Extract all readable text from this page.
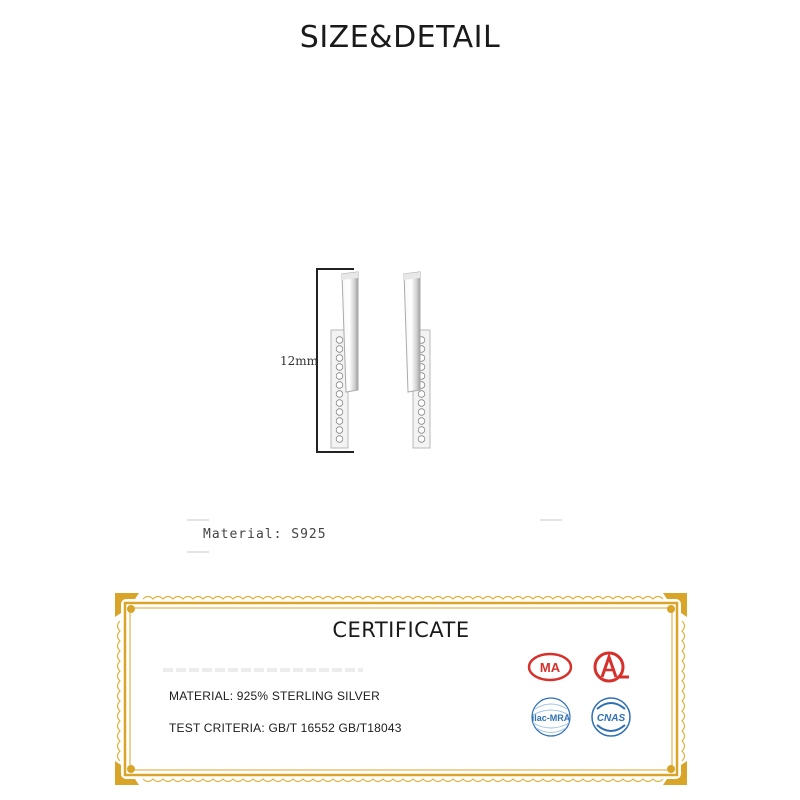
SIZE&DETAIL
12mm
Material: S925
CERTIFICATE
MATERIAL: 925% STERLING SILVER
TEST CRITERIA: GB/T 16552 GB/T18043
MA
ilac-MRA	CNAS
